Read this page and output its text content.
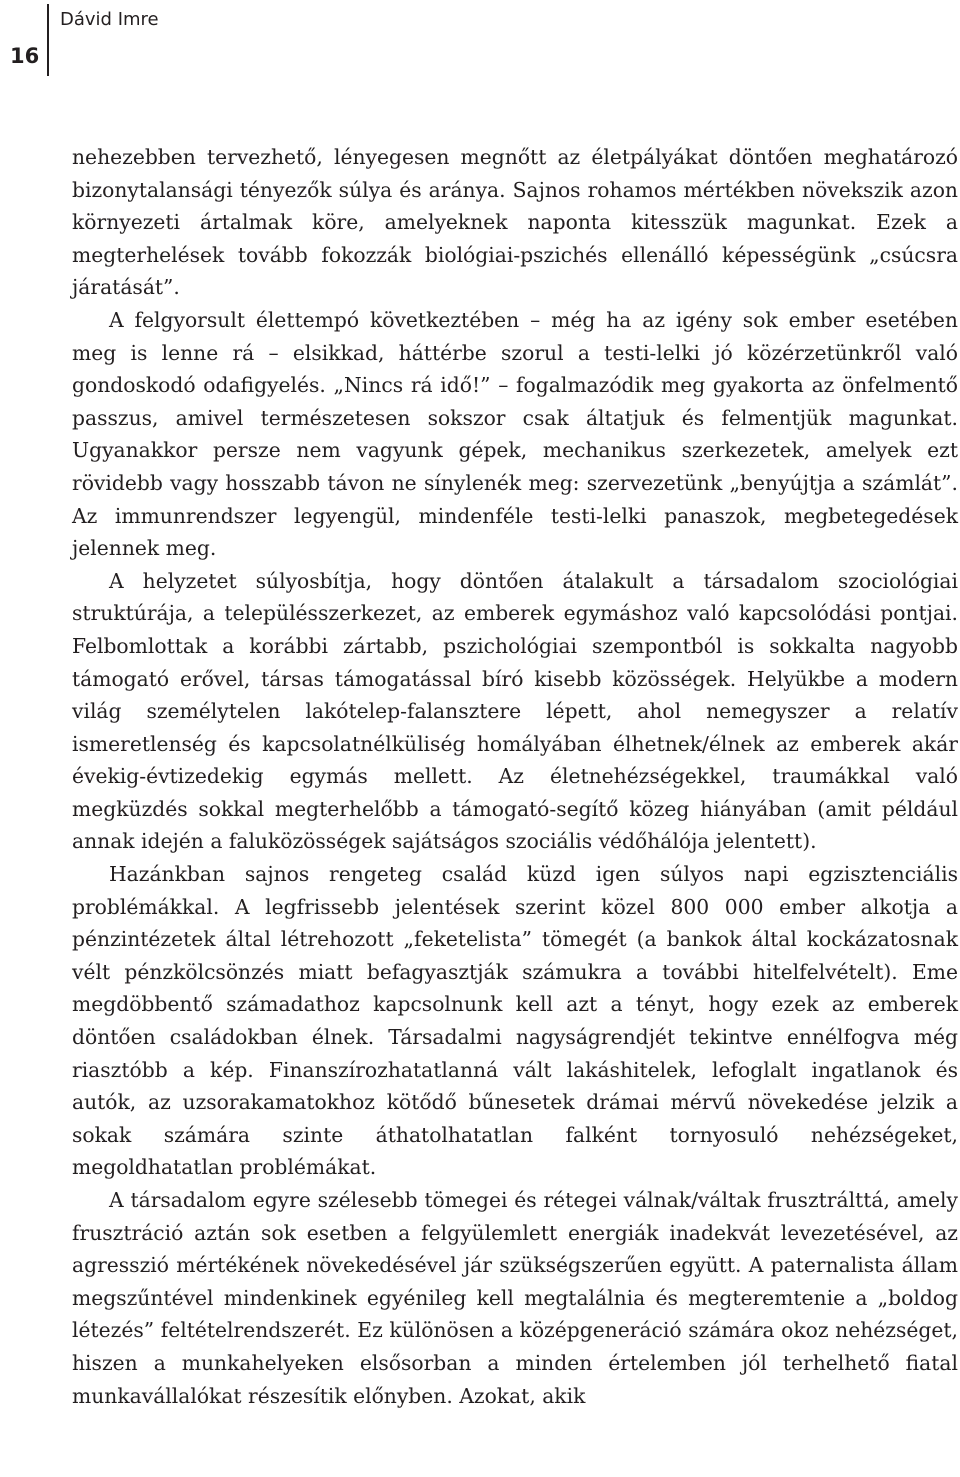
16
Dávid Imre

nehezebben tervezhető, lényegesen megnőtt az életpályákat döntően meghatározó bizonytalansági tényezők súlya és aránya. Sajnos rohamos mértékben növekszik azon környezeti ártalmak köre, amelyeknek naponta kitesszük magunkat. Ezek a megterhelések tovább fokozzák biológiai-pszichés ellenálló képességünk „csúcsra járatását”.

A felgyorsult élettempó következtében – még ha az igény sok ember esetében meg is lenne rá – elsikkad, háttérbe szorul a testi-lelki jó közérzetünkről való gondoskodó odafigyelés. „Nincs rá idő!” – fogalmazódik meg gyakorta az önfelmentő passzus, amivel természetesen sokszor csak áltatjuk és felmentjük magunkat. Ugyanakkor persze nem vagyunk gépek, mechanikus szerkezetek, amelyek ezt rövidebb vagy hosszabb távon ne sínylenék meg: szervezetünk „benyújtja a számlát”. Az immunrendszer legyengül, mindenféle testi-lelki panaszok, megbetegedések jelennek meg.

A helyzetet súlyosbítja, hogy döntően átalakult a társadalom szociológiai struktúrája, a településszerkezet, az emberek egymáshoz való kapcsolódási pontjai. Felbomlottak a korábbi zártabb, pszichológiai szempontból is sokkalta nagyobb támogató erővel, társas támogatással bíró kisebb közösségek. Helyükbe a modern világ személytelen lakótelep-falansztere lépett, ahol nemegyszer a relatív ismeretlenség és kapcsolatnélküliség homályában élhetnek/élnek az emberek akár évekig-évtizedekig egymás mellett. Az életnehézségekkel, traumákkal való megküzdés sokkal megterhelőbb a támogató-segítő közeg hiányában (amit például annak idején a faluközösségek sajátságos szociális védőhálója jelentett).

Hazánkban sajnos rengeteg család küzd igen súlyos napi egzisztenciális problémákkal. A legfrissebb jelentések szerint közel 800 000 ember alkotja a pénzintézetek által létrehozott „feketelista” tömegét (a bankok által kockázatosnak vélt pénzkölcsönzés miatt befagyasztják számukra a további hitelfelvételt). Eme megdöbbentő számadathoz kapcsolnunk kell azt a tényt, hogy ezek az emberek döntően családokban élnek. Társadalmi nagyságrendjét tekintve ennélfogva még riasztóbb a kép. Finanszírozhatatlanná vált lakáshitelek, lefoglalt ingatlanok és autók, az uzsorakamatokhoz kötődő bűnesetek drámai mérvű növekedése jelzik a sokak számára szinte áthatolhatatlan falként tornyosuló nehézségeket, megoldhatatlan problémákat.

A társadalom egyre szélesebb tömegei és rétegei válnak/váltak frusztrálttá, amely frusztráció aztán sok esetben a felgyülemlett energiák inadekvát levezetésével, az agresszió mértékének növekedésével jár szükségszerűen együtt. A paternalista állam megszűntével mindenkinek egyénileg kell megtalálnia és megteremtenie a „boldog létezés” feltételrendszerét. Ez különösen a középgeneráció számára okoz nehézséget, hiszen a munkahelyeken elsősorban a minden értelemben jól terhelhető fiatal munkavállalókat részesítik előnyben. Azokat, akik
